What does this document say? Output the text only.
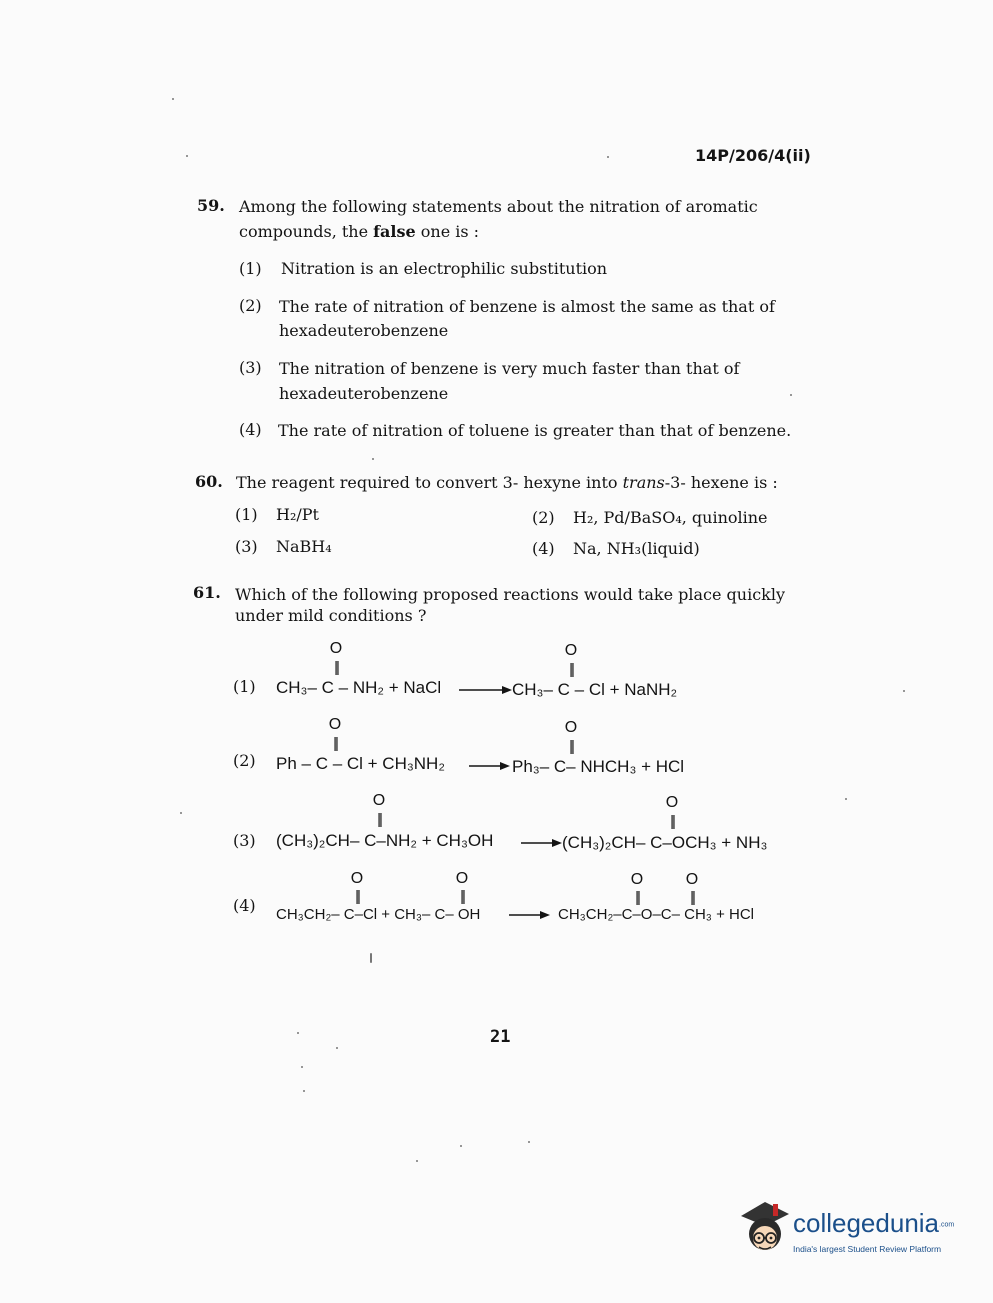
14P/206/4(ii)
59. Among the following statements about the nitration of aromatic
compounds, the false one is :
(1) Nitration is an electrophilic substitution
(2) The rate of nitration of benzene is almost the same as that of
hexadeuterobenzene
(3) The nitration of benzene is very much faster than that of
hexadeuterobenzene
(4) The rate of nitration of toluene is greater than that of benzene.
60. The reagent required to convert 3- hexyne into trans-3- hexene is :
(1) H₂/Pt	(2) H₂, Pd/BaSO₄, quinoline
(3) NaBH₄	(4) Na, NH₃(liquid)
61. Which of the following proposed reactions would take place quickly
under mild conditions ?
O
||
O
||
(1) CH₃– C – NH₂ + NaCl	CH₃– C – Cl + NaNH₂
O
||
O
||
(2) Ph – C – Cl + CH₃NH₂	Ph₃– C– NHCH₃ + HCl
O
||
O
||
(3) (CH₃)₂CH– C–NH₂ + CH₃OH	(CH₃)₂CH– C–OCH₃ + NH₃
O
||
O
||
O
||
O
||
(4) CH₃CH₂– C–Cl + CH₃– C– OH	CH₃CH₂–C–O–C– CH₃ + HCl
21
collegedunia.com
India's largest Student Review Platform
